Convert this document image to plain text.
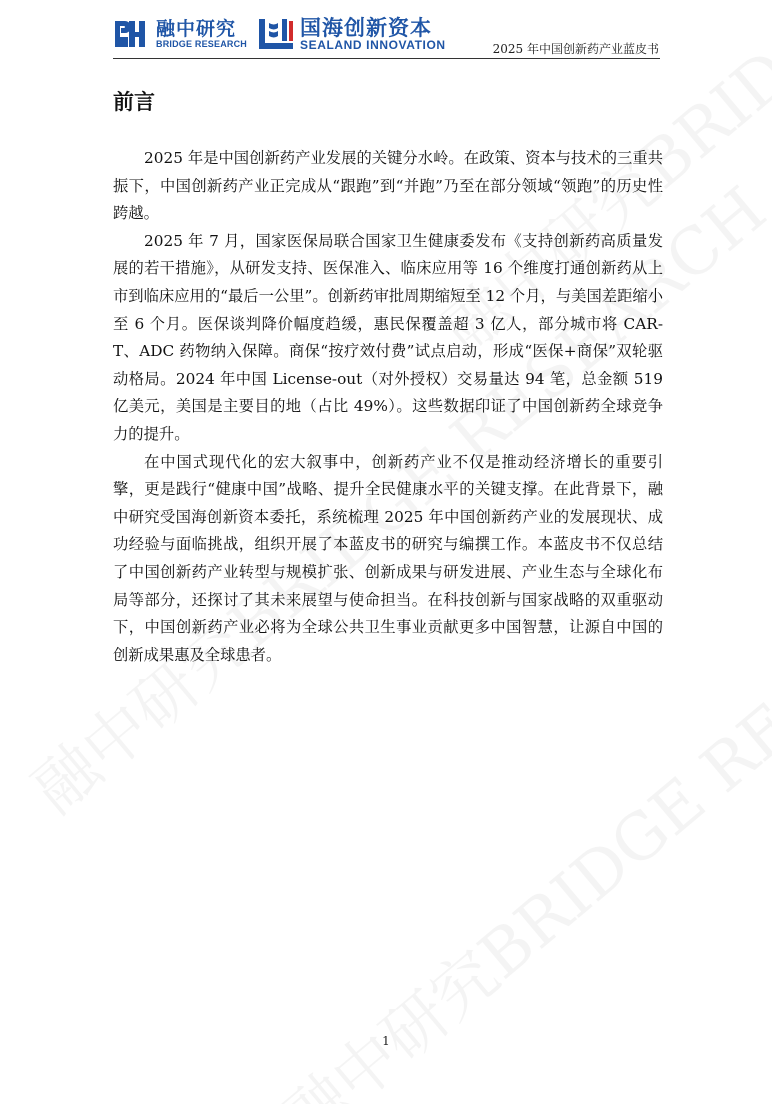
融中研究
BRIDGE RESEARCH
国海创新资本
SEALAND INNOVATION	2025 年中国创新药产业蓝皮书
前言

2025 年是中国创新药产业发展的关键分水岭。在政策、资本与技术的三重共振下，中国创新药产业正完成从“跟跑”到“并跑”乃至在部分领域“领跑”的历史性跨越。

2025 年 7 月，国家医保局联合国家卫生健康委发布《支持创新药高质量发展的若干措施》，从研发支持、医保准入、临床应用等 16 个维度打通创新药从上市到临床应用的“最后一公里”。创新药审批周期缩短至 12 个月，与美国差距缩小至 6 个月。医保谈判降价幅度趋缓，惠民保覆盖超 3 亿人，部分城市将 CAR-T、ADC 药物纳入保障。商保“按疗效付费”试点启动，形成“医保+商保”双轮驱动格局。2024 年中国 License-out（对外授权）交易量达 94 笔，总金额 519 亿美元，美国是主要目的地（占比 49%）。这些数据印证了中国创新药全球竞争力的提升。

在中国式现代化的宏大叙事中，创新药产业不仅是推动经济增长的重要引擎，更是践行“健康中国”战略、提升全民健康水平的关键支撑。在此背景下，融中研究受国海创新资本委托，系统梳理 2025 年中国创新药产业的发展现状、成功经验与面临挑战，组织开展了本蓝皮书的研究与编撰工作。本蓝皮书不仅总结了中国创新药产业转型与规模扩张、创新成果与研发进展、产业生态与全球化布局等部分，还探讨了其未来展望与使命担当。在科技创新与国家战略的双重驱动下，中国创新药产业必将为全球公共卫生事业贡献更多中国智慧，让源自中国的创新成果惠及全球患者。

1
